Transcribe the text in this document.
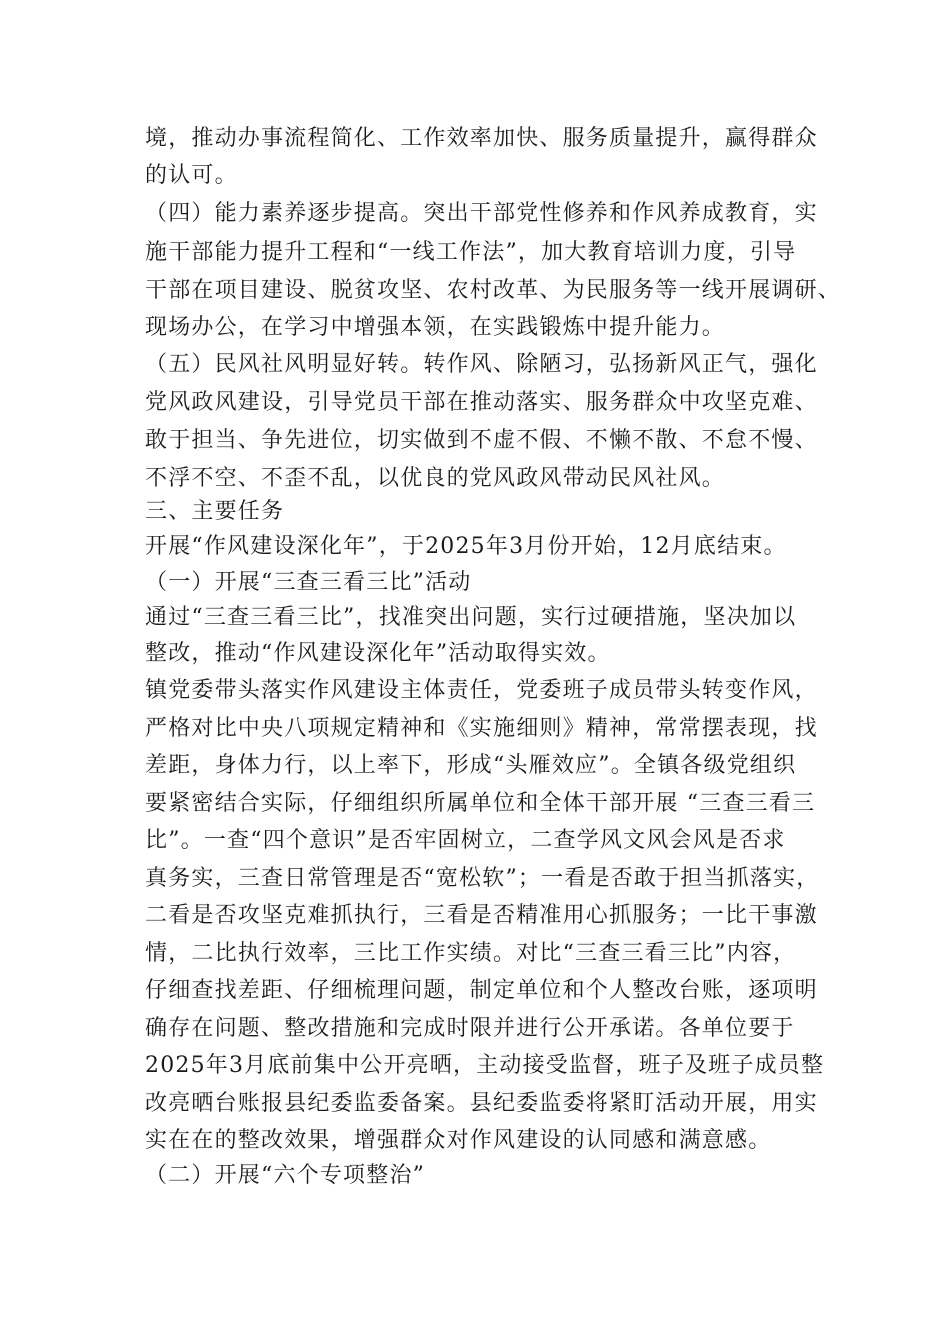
境，推动办事流程简化、工作效率加快、服务质量提升，赢得群众
的认可。
（四）能力素养逐步提高。突出干部党性修养和作风养成教育，实
施干部能力提升工程和“一线工作法”，加大教育培训力度，引导
干部在项目建设、脱贫攻坚、农村改革、为民服务等一线开展调研、
现场办公，在学习中增强本领，在实践锻炼中提升能力。
（五）民风社风明显好转。转作风、除陋习，弘扬新风正气，强化
党风政风建设，引导党员干部在推动落实、服务群众中攻坚克难、
敢于担当、争先进位，切实做到不虚不假、不懒不散、不怠不慢、
不浮不空、不歪不乱，以优良的党风政风带动民风社风。
三、主要任务
开展“作风建设深化年”，于2025年3月份开始，12月底结束。
（一）开展“三查三看三比”活动
通过“三查三看三比”，找准突出问题，实行过硬措施，坚决加以
整改，推动“作风建设深化年”活动取得实效。
镇党委带头落实作风建设主体责任，党委班子成员带头转变作风，
严格对比中央八项规定精神和《实施细则》精神，常常摆表现，找
差距，身体力行，以上率下，形成“头雁效应”。全镇各级党组织
要紧密结合实际，仔细组织所属单位和全体干部开展 “三查三看三
比”。一查“四个意识”是否牢固树立，二查学风文风会风是否求
真务实，三查日常管理是否“宽松软”；一看是否敢于担当抓落实，
二看是否攻坚克难抓执行，三看是否精准用心抓服务；一比干事激
情，二比执行效率，三比工作实绩。对比“三查三看三比”内容，
仔细查找差距、仔细梳理问题，制定单位和个人整改台账，逐项明
确存在问题、整改措施和完成时限并进行公开承诺。各单位要于
2025年3月底前集中公开亮晒，主动接受监督，班子及班子成员整
改亮晒台账报县纪委监委备案。县纪委监委将紧盯活动开展，用实
实在在的整改效果，增强群众对作风建设的认同感和满意感。
（二）开展“六个专项整治”
